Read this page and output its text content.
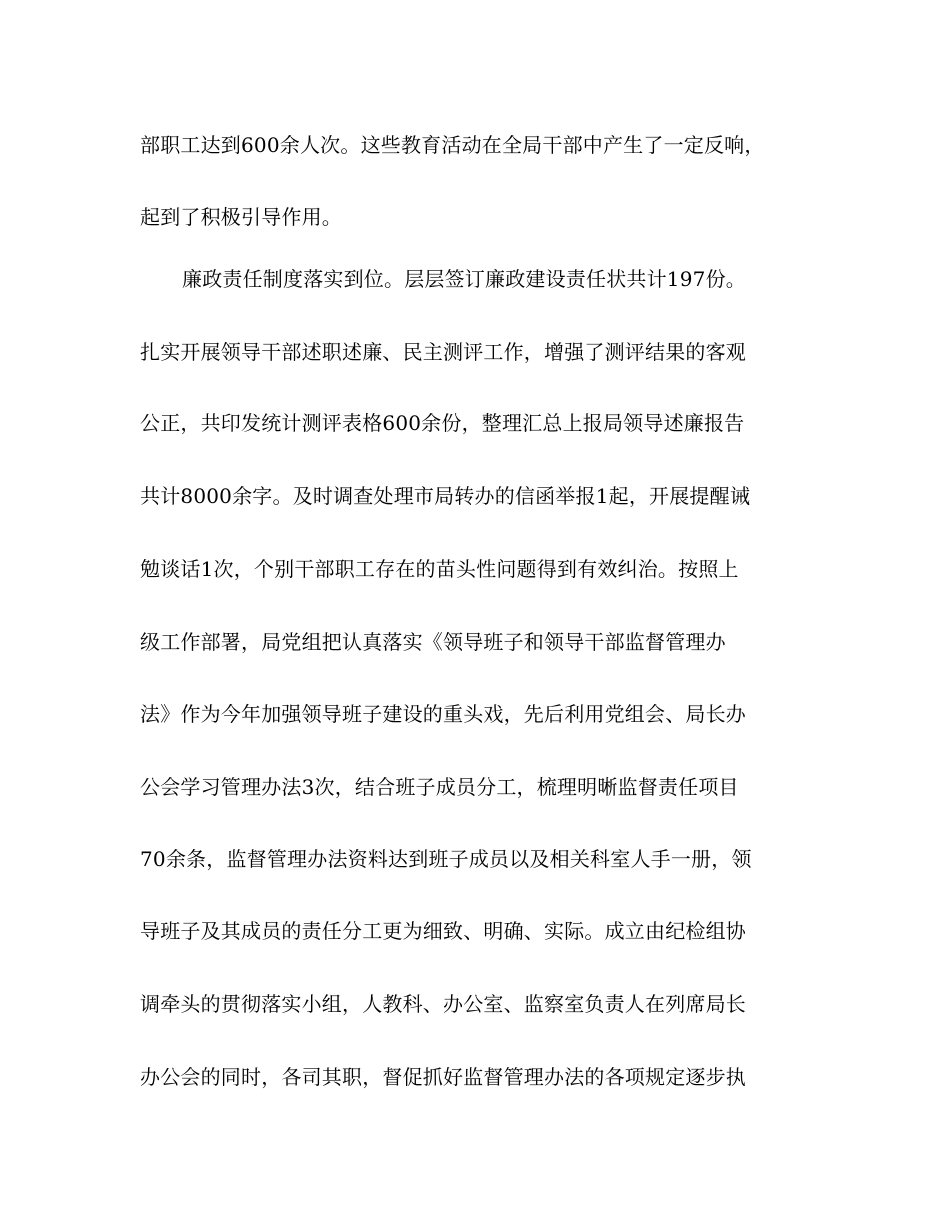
部职工达到600余人次。这些教育活动在全局干部中产生了一定反响，
起到了积极引导作用。
廉政责任制度落实到位。层层签订廉政建设责任状共计197份。
扎实开展领导干部述职述廉、民主测评工作，增强了测评结果的客观
公正，共印发统计测评表格600余份，整理汇总上报局领导述廉报告
共计8000余字。及时调查处理市局转办的信函举报1起，开展提醒诫
勉谈话1次，个别干部职工存在的苗头性问题得到有效纠治。按照上
级工作部署，局党组把认真落实《领导班子和领导干部监督管理办
法》作为今年加强领导班子建设的重头戏，先后利用党组会、局长办
公会学习管理办法3次，结合班子成员分工，梳理明晰监督责任项目
70余条，监督管理办法资料达到班子成员以及相关科室人手一册，领
导班子及其成员的责任分工更为细致、明确、实际。成立由纪检组协
调牵头的贯彻落实小组，人教科、办公室、监察室负责人在列席局长
办公会的同时，各司其职，督促抓好监督管理办法的各项规定逐步执
